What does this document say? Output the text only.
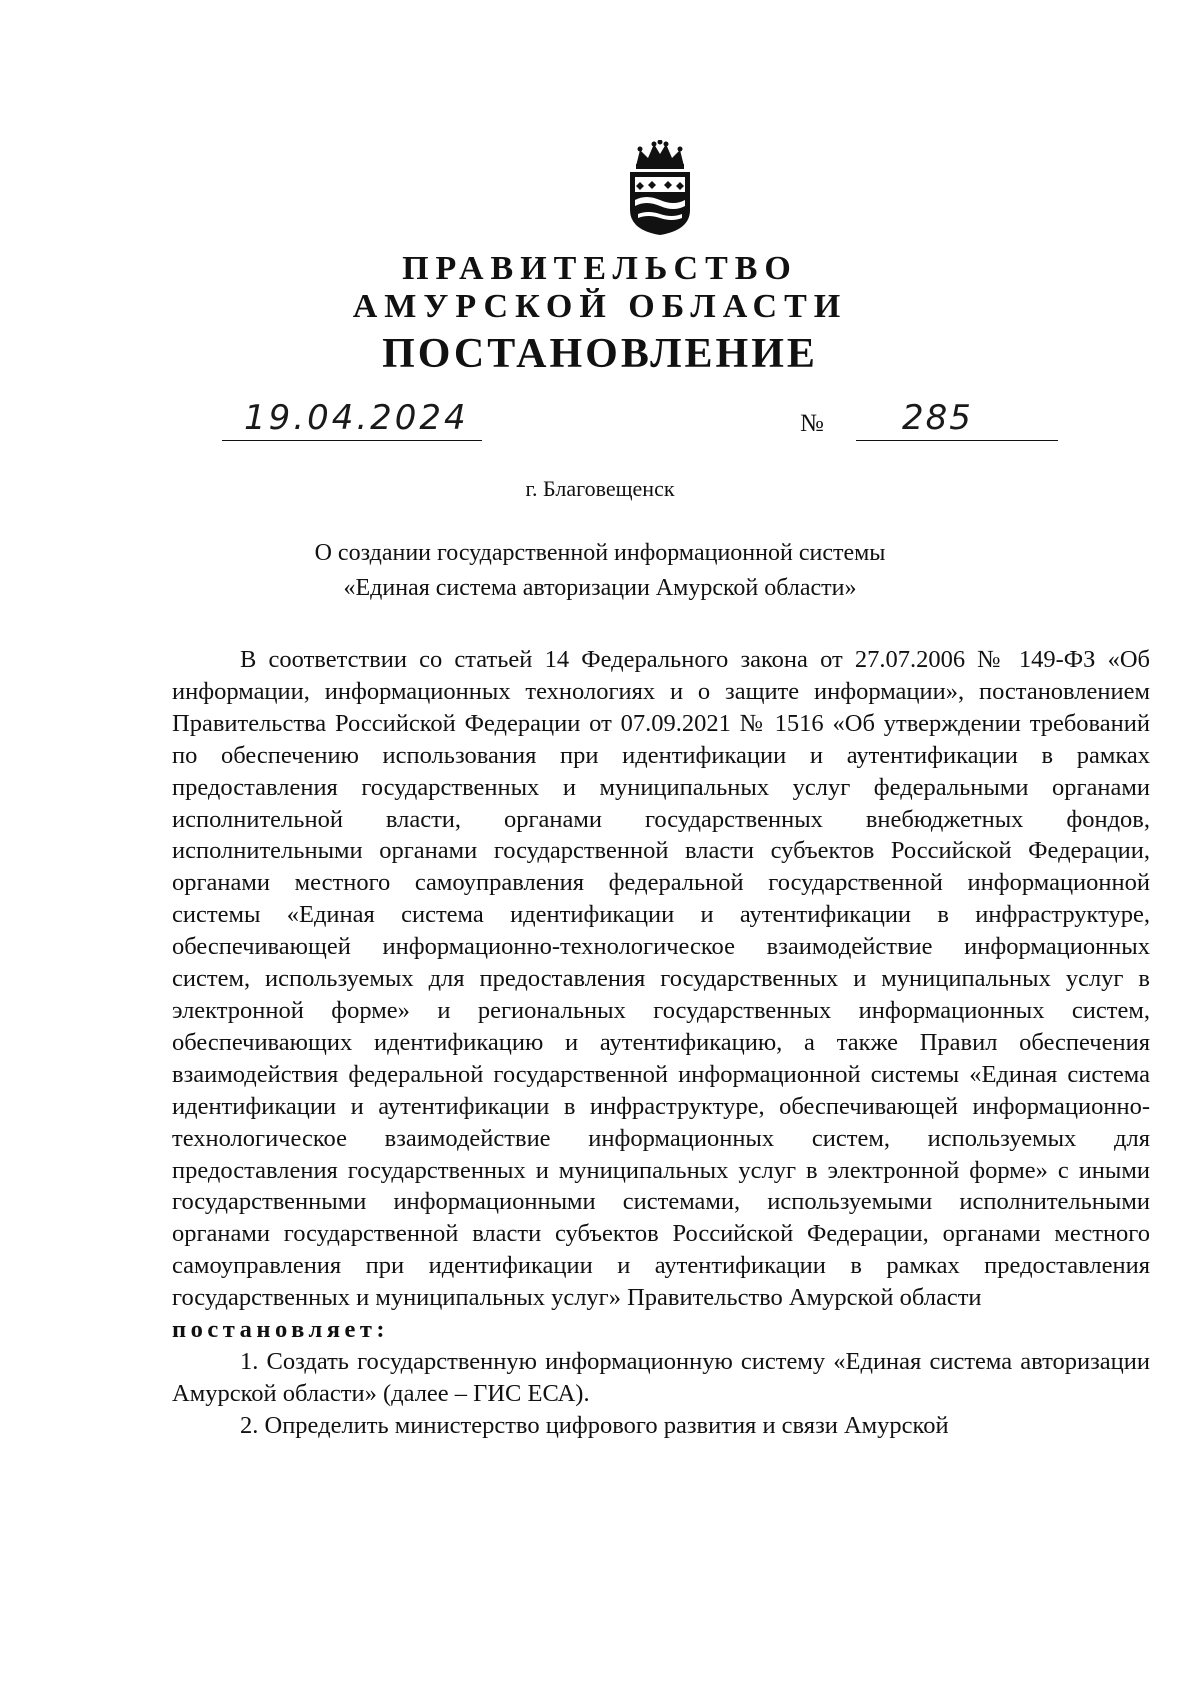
ПРАВИТЕЛЬСТВО
АМУРСКОЙ ОБЛАСТИ
ПОСТАНОВЛЕНИЕ
19.04.2024	№ 285
г. Благовещенск
О создании государственной информационной системы
«Единая система авторизации Амурской области»

В соответствии со статьей 14 Федерального закона от 27.07.2006 № 149-ФЗ «Об информации, информационных технологиях и о защите информации», постановлением Правительства Российской Федерации от 07.09.2021 № 1516 «Об утверждении требований по обеспечению использования при идентификации и аутентификации в рамках предоставления государственных и муниципальных услуг федеральными органами исполнительной власти, органами государственных внебюджетных фондов, исполнительными органами государственной власти субъектов Российской Федерации, органами местного самоуправления федеральной государственной информационной системы «Единая система идентификации и аутентификации в инфраструктуре, обеспечивающей информационно-технологическое взаимодействие информационных систем, используемых для предоставления государственных и муниципальных услуг в электронной форме» и региональных государственных информационных систем, обеспечивающих идентификацию и аутентификацию, а также Правил обеспечения взаимодействия федеральной государственной информационной системы «Единая система идентификации и аутентификации в инфраструктуре, обеспечивающей информационно-технологическое взаимодействие информационных систем, используемых для предоставления государственных и муниципальных услуг в электронной форме» с иными государственными информационными системами, используемыми исполнительными органами государственной власти субъектов Российской Федерации, органами местного самоуправления при идентификации и аутентификации в рамках предоставления государственных и муниципальных услуг» Правительство Амурской области

постановляет:

1. Создать государственную информационную систему «Единая система авторизации Амурской области» (далее – ГИС ЕСА).

2. Определить министерство цифрового развития и связи Амурской
